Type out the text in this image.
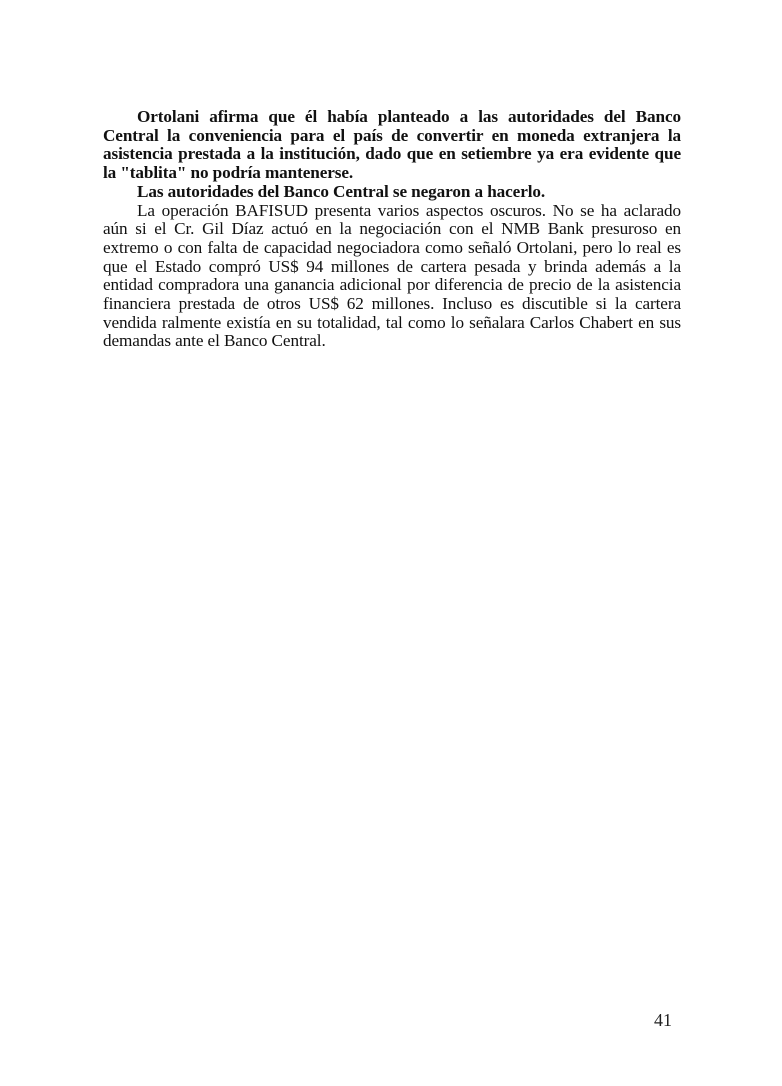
Ortolani afirma que él había planteado a las autoridades del Banco Central la conveniencia para el país de convertir en moneda extranjera la asistencia prestada a la institución, dado que en setiembre ya era evidente que la "tablita" no podría mantenerse.

Las autoridades del Banco Central se negaron a hacerlo.

La operación BAFISUD presenta varios aspectos oscuros. No se ha aclarado aún si el Cr. Gil Díaz actuó en la negociación con el NMB Bank presuroso en extremo o con falta de capacidad negociadora como señaló Ortolani, pero lo real es que el Estado compró US$ 94 millones de cartera pesada y brinda además a la entidad compradora una ganancia adicional por diferencia de precio de la asistencia financiera prestada de otros US$ 62 millones. Incluso es discutible si la cartera vendida ralmente existía en su totalidad, tal como lo señalara Carlos Chabert en sus demandas ante el Banco Central.

41
